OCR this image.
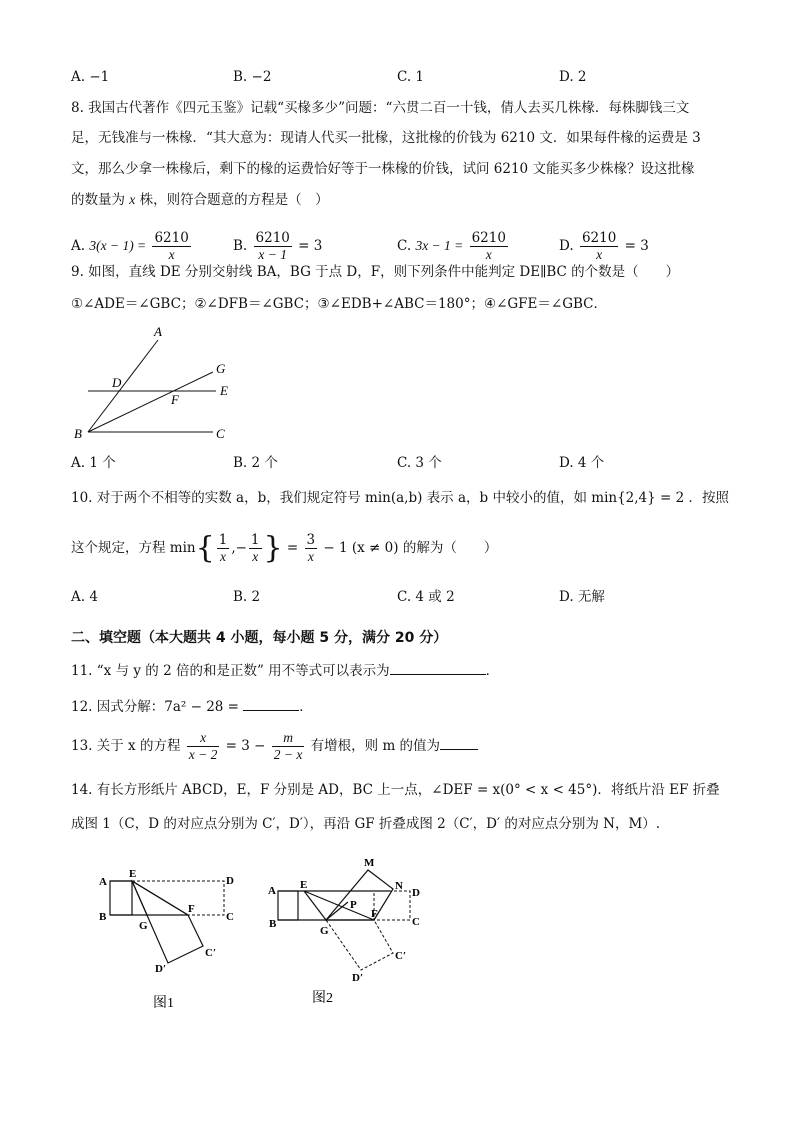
A. −1	B. −2	C. 1	D. 2
8. 我国古代著作《四元玉鉴》记载“买椽多少”问题：“六贯二百一十钱，倩人去买几株椽．每株脚钱三文
足，无钱准与一株椽．“其大意为：现请人代买一批椽，这批椽的价钱为 6210 文．如果每件椽的运费是 3
文，那么少拿一株椽后，剩下的椽的运费恰好等于一株椽的价钱，试问 6210 文能买多少株椽？设这批椽
的数量为 x 株，则符合题意的方程是（　）
A. $3(x - 1) = \frac{6210}{x}$	B. $\frac{6210}{x - 1} = 3$	C. $3x - 1 = \frac{6210}{x}$	D. $\frac{6210}{x} = 3$
9. 如图，直线 DE 分别交射线 BA，BG 于点 D，F，则下列条件中能判定 DE∥BC 的个数是（　　）
①∠ADE＝∠GBC；②∠DFB＝∠GBC；③∠EDB+∠ABC＝180°；④∠GFE＝∠GBC．
A
D
G
E
F
B	C
A. 1 个	B. 2 个	C. 3 个	D. 4 个
10. 对于两个不相等的实数 a，b，我们规定符号 min(a,b) 表示 a，b 中较小的值，如 min{2,4} = 2 ．按照
这个规定，方程 $\min\{ \frac{1}{x}$ ,− $\frac{1}{x}$ } = $\frac{3}{x} - 1$ (x ≠ 0) 的解为（　　）
A. 4	B. 2	C. 4 或 2	D. 无解
二、填空题（本大题共 4 小题，每小题 5 分，满分 20 分）
11. “x 与 y 的 2 倍的和是正数” 用不等式可以表示为	．
12. 因式分解：7a² − 28 =	．
13. 关于 x 的方程 $\frac{x}{x - 2} = 3 - \frac{m}{2 - x}$ 有增根，则 m 的值为
14. 有长方形纸片 ABCD，E，F 分别是 AD，BC 上一点，∠DEF = x(0° < x < 45°)．将纸片沿 EF 折叠
成图 1（C，D 的对应点分别为 C′，D′），再沿 GF 折叠成图 2（C′，D′ 的对应点分别为 N，M）.
A
E
D
B
G
F
C
D′
C′
图1
M
E	N
D
A
P
B
G
F
C
C′
D′
图2
